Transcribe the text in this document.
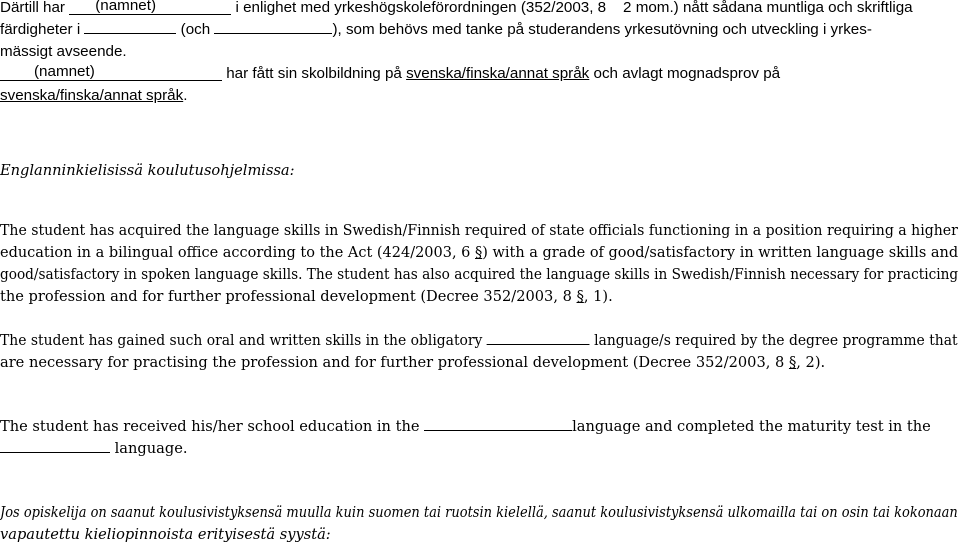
Därtill har (namnet)	i enlighet med yrkeshögskoleförordningen (352/2003, 8 § 2 mom.) nått sådana muntliga och skriftliga
färdigheter i	(och	), som behövs med tanke på studerandens yrkesutövning och utveckling i yrkes-
mässigt avseende.
(namnet)	har fått sin skolbildning på svenska/finska/annat språk och avlagt mognadsprov på
svenska/finska/annat språk.
Englanninkielisissä koulutusohjelmissa:
The student has acquired the language skills in Swedish/Finnish required of state officials functioning in a position requiring a higher
education in a bilingual office according to the Act (424/2003, 6 §) with a grade of good/satisfactory in written language skills and
good/satisfactory in spoken language skills. The student has also acquired the language skills in Swedish/Finnish necessary for practicing
the profession and for further professional development (Decree 352/2003, 8 §, 1).
The student has gained such oral and written skills in the obligatory	language/s required by the degree programme that
are necessary for practising the profession and for further professional development (Decree 352/2003, 8 §, 2).
The student has received his/her school education in the	language and completed the maturity test in the
language.
Jos opiskelija on saanut koulusivistyksensä muulla kuin suomen tai ruotsin kielellä, saanut koulusivistyksensä ulkomailla tai on osin tai kokonaan
vapautettu kieliopinnoista erityisestä syystä:
